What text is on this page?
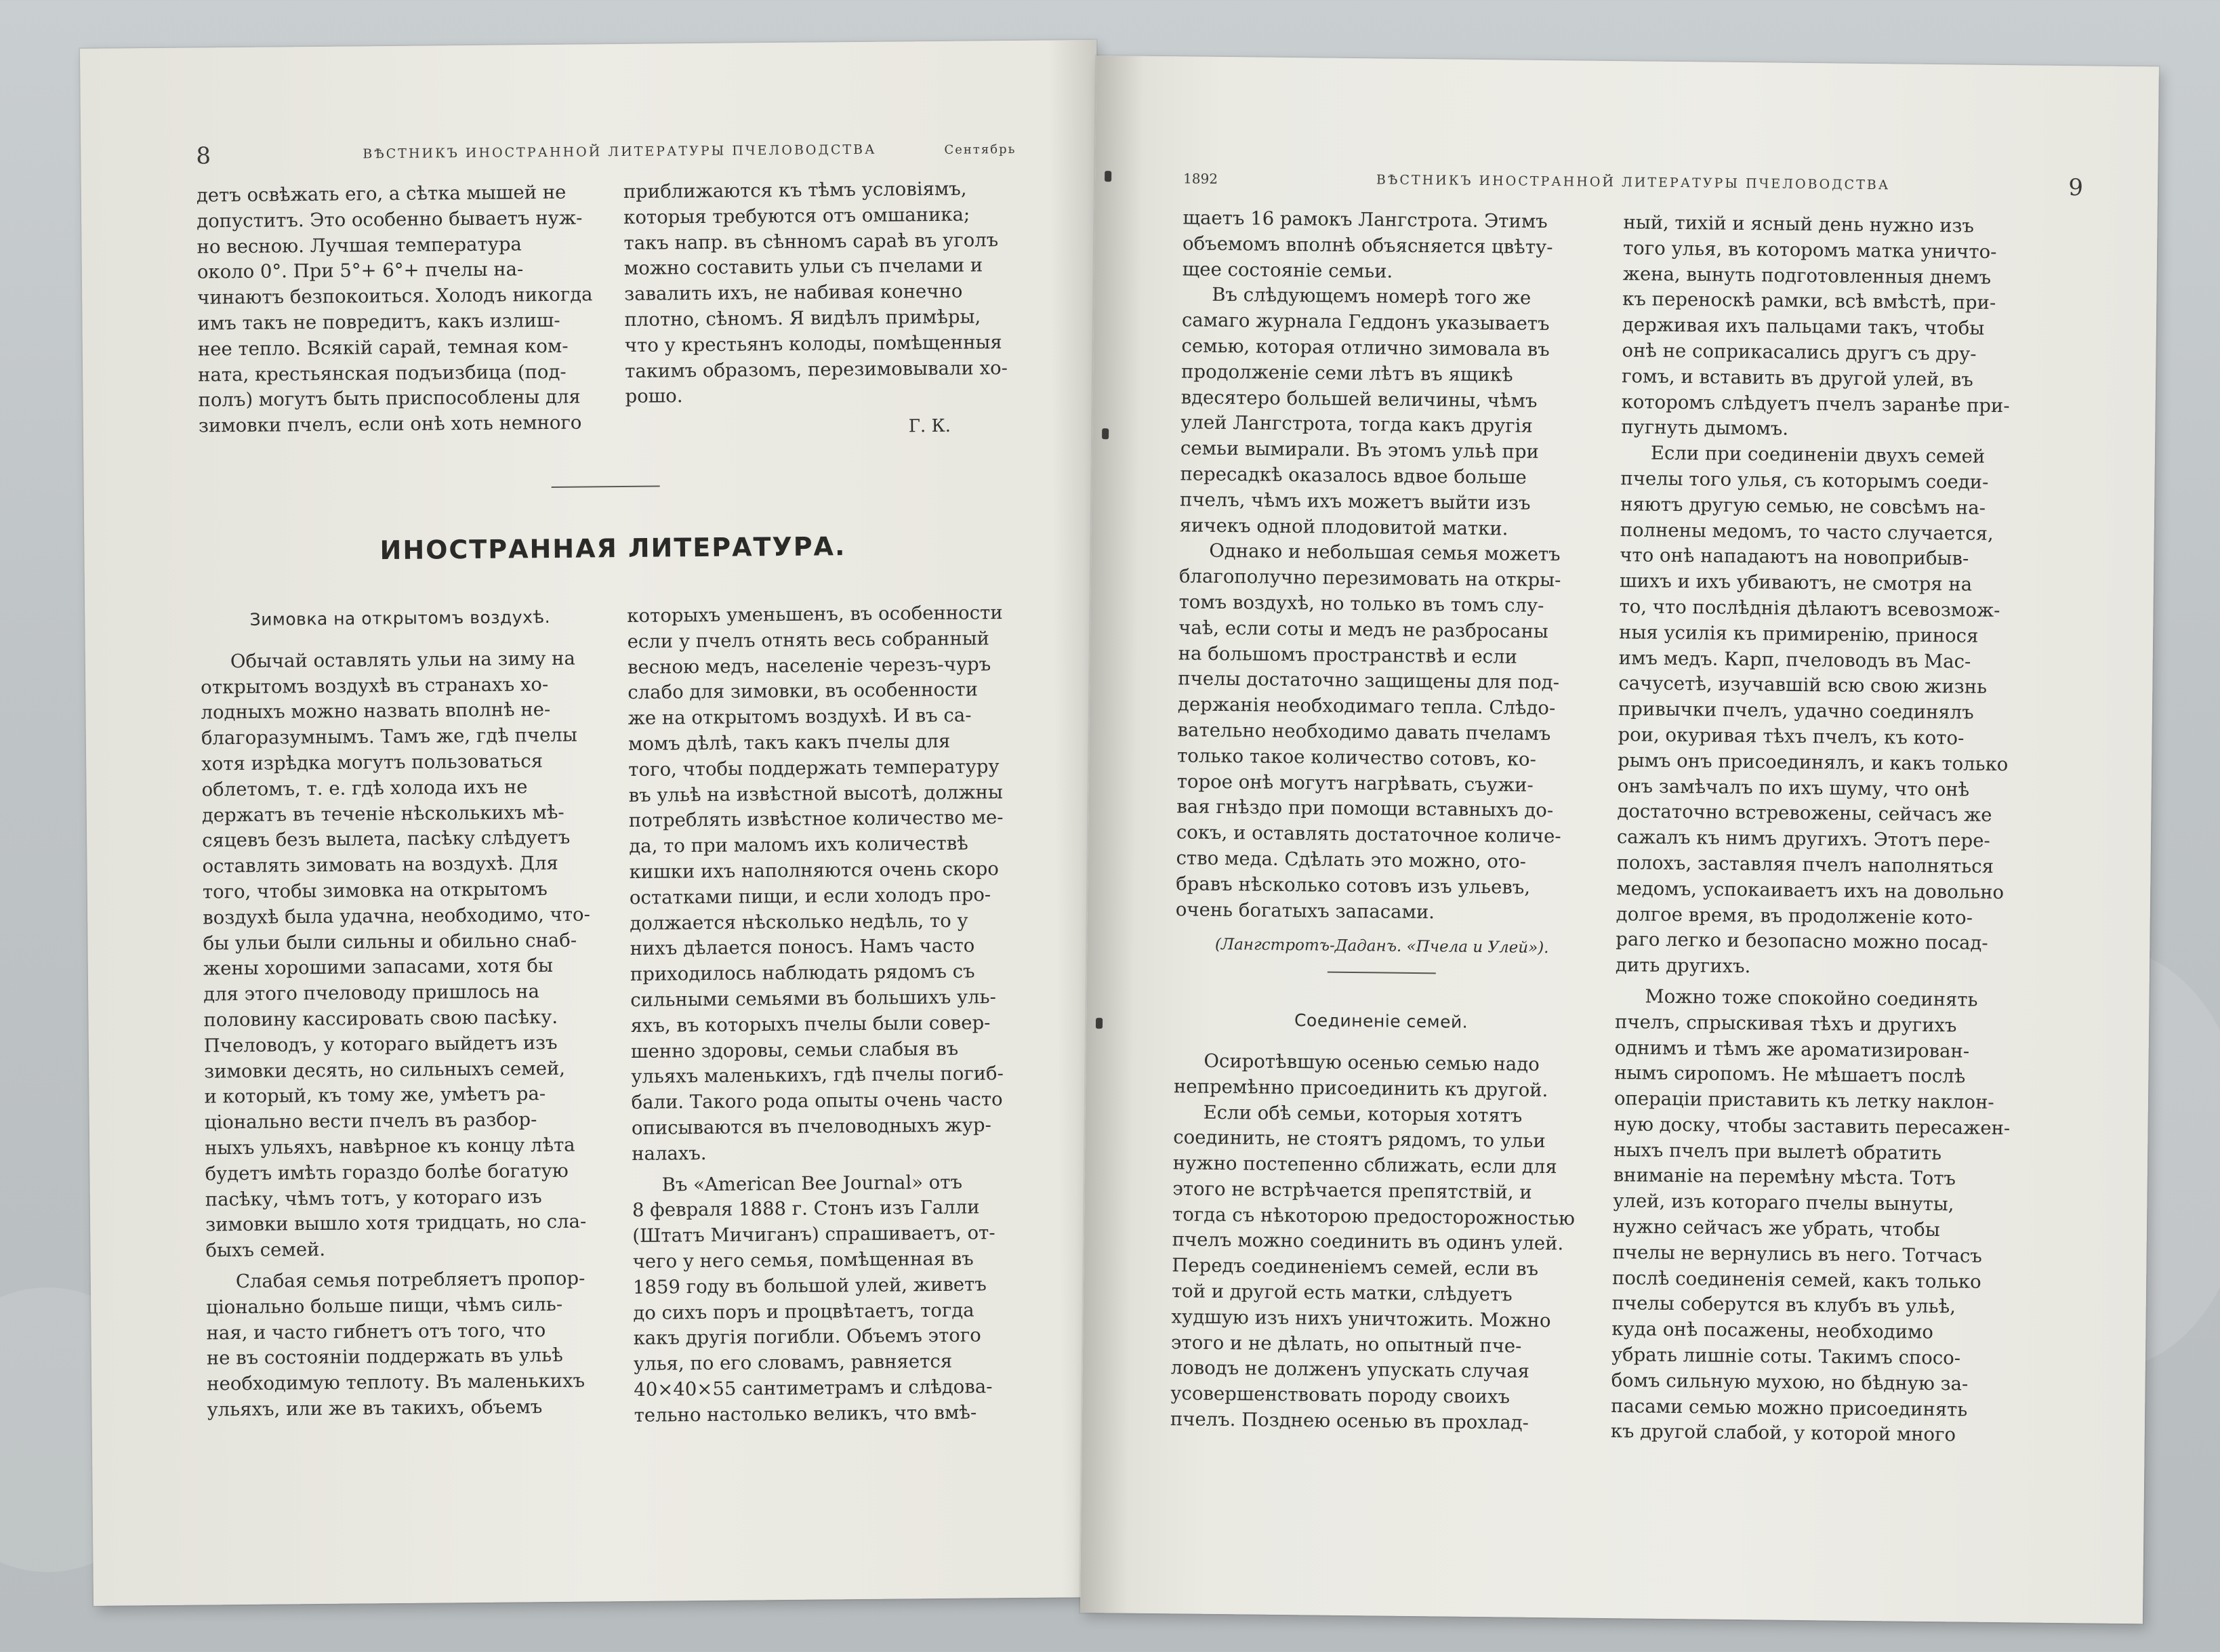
8	ВѢСТНИКЪ ИНОСТРАННОЙ ЛИТЕРАТУРЫ ПЧЕЛОВОДСТВА	Сентябрь

детъ освѣжать его, а сѣтка мышей не

допуститъ. Это особенно бываетъ нуж-

но весною. Лучшая температура

около 0°. При 5°+ 6°+ пчелы на-

чинаютъ безпокоиться. Холодъ никогда

имъ такъ не повредитъ, какъ излиш-

нее тепло. Всякій сарай, темная ком-

ната, крестьянская подъизбица (под-

полъ) могутъ быть приспособлены для

зимовки пчелъ, если онѣ хоть немного

приближаются къ тѣмъ условіямъ,

которыя требуются отъ омшаника;

такъ напр. въ сѣнномъ сараѣ въ уголъ

можно составить ульи съ пчелами и

завалить ихъ, не набивая конечно

плотно, сѣномъ. Я видѣлъ примѣры,

что у крестьянъ колоды, помѣщенныя

такимъ образомъ, перезимовывали хо-

рошо.

Г. К.

ИНОСТРАННАЯ ЛИТЕРАТУРА.

Зимовка на открытомъ воздухѣ.

Обычай оставлять ульи на зиму на

открытомъ воздухѣ въ странахъ хо-

лодныхъ можно назвать вполнѣ не-

благоразумнымъ. Тамъ же, гдѣ пчелы

хотя изрѣдка могутъ пользоваться

облетомъ, т. е. гдѣ холода ихъ не

держатъ въ теченіе нѣсколькихъ мѣ-

сяцевъ безъ вылета, пасѣку слѣдуетъ

оставлять зимовать на воздухѣ. Для

того, чтобы зимовка на открытомъ

воздухѣ была удачна, необходимо, что-

бы ульи были сильны и обильно снаб-

жены хорошими запасами, хотя бы

для этого пчеловоду пришлось на

половину кассировать свою пасѣку.

Пчеловодъ, у котораго выйдетъ изъ

зимовки десять, но сильныхъ семей,

и который, къ тому же, умѣетъ ра-

ціонально вести пчелъ въ разбор-

ныхъ ульяхъ, навѣрное къ концу лѣта

будетъ имѣть гораздо болѣе богатую

пасѣку, чѣмъ тотъ, у котораго изъ

зимовки вышло хотя тридцать, но сла-

быхъ семей.

Слабая семья потребляетъ пропор-

ціонально больше пищи, чѣмъ силь-

ная, и часто гибнетъ отъ того, что

не въ состояніи поддержать въ ульѣ

необходимую теплоту. Въ маленькихъ

ульяхъ, или же въ такихъ, объемъ

которыхъ уменьшенъ, въ особенности

если у пчелъ отнять весь собранный

весною медъ, населеніе черезъ-чуръ

слабо для зимовки, въ особенности

же на открытомъ воздухѣ. И въ са-

момъ дѣлѣ, такъ какъ пчелы для

того, чтобы поддержать температуру

въ ульѣ на извѣстной высотѣ, должны

потреблять извѣстное количество ме-

да, то при маломъ ихъ количествѣ

кишки ихъ наполняются очень скоро

остатками пищи, и если холодъ про-

должается нѣсколько недѣль, то у

нихъ дѣлается поносъ. Намъ часто

приходилось наблюдать рядомъ съ

сильными семьями въ большихъ уль-

яхъ, въ которыхъ пчелы были совер-

шенно здоровы, семьи слабыя въ

ульяхъ маленькихъ, гдѣ пчелы погиб-

бали. Такого рода опыты очень часто

описываются въ пчеловодныхъ жур-

налахъ.

Въ «American Bee Journal» отъ

8 февраля 1888 г. Стонъ изъ Галли

(Штатъ Мичиганъ) спрашиваетъ, от-

чего у него семья, помѣщенная въ

1859 году въ большой улей, живетъ

до сихъ поръ и процвѣтаетъ, тогда

какъ другія погибли. Объемъ этого

улья, по его словамъ, равняется

40×40×55 сантиметрамъ и слѣдова-

тельно настолько великъ, что вмѣ-

1892	ВѢСТНИКЪ ИНОСТРАННОЙ ЛИТЕРАТУРЫ ПЧЕЛОВОДСТВА	9

щаетъ 16 рамокъ Лангстрота. Этимъ

объемомъ вполнѣ объясняется цвѣту-

щее состояніе семьи.

Въ слѣдующемъ номерѣ того же

самаго журнала Геддонъ указываетъ

семью, которая отлично зимовала въ

продолженіе семи лѣтъ въ ящикѣ

вдесятеро большей величины, чѣмъ

улей Лангстрота, тогда какъ другія

семьи вымирали. Въ этомъ ульѣ при

пересадкѣ оказалось вдвое больше

пчелъ, чѣмъ ихъ можетъ выйти изъ

яичекъ одной плодовитой матки.

Однако и небольшая семья можетъ

благополучно перезимовать на откры-

томъ воздухѣ, но только въ томъ слу-

чаѣ, если соты и медъ не разбросаны

на большомъ пространствѣ и если

пчелы достаточно защищены для под-

держанія необходимаго тепла. Слѣдо-

вательно необходимо давать пчеламъ

только такое количество сотовъ, ко-

торое онѣ могутъ нагрѣвать, съужи-

вая гнѣздо при помощи вставныхъ до-

сокъ, и оставлять достаточное количе-

ство меда. Сдѣлать это можно, ото-

бравъ нѣсколько сотовъ изъ ульевъ,

очень богатыхъ запасами.

(Лангстротъ-Даданъ. «Пчела и Улей»).

Соединеніе семей.

Осиротѣвшую осенью семью надо

непремѣнно присоединить къ другой.

Если обѣ семьи, которыя хотятъ

соединить, не стоятъ рядомъ, то ульи

нужно постепенно сближать, если для

этого не встрѣчается препятствій, и

тогда съ нѣкоторою предосторожностью

пчелъ можно соединить въ одинъ улей.

Передъ соединеніемъ семей, если въ

той и другой есть матки, слѣдуетъ

худшую изъ нихъ уничтожить. Можно

этого и не дѣлать, но опытный пче-

ловодъ не долженъ упускать случая

усовершенствовать породу своихъ

пчелъ. Позднею осенью въ прохлад-

ный, тихій и ясный день нужно изъ

того улья, въ которомъ матка уничто-

жена, вынуть подготовленныя днемъ

къ переноскѣ рамки, всѣ вмѣстѣ, при-

держивая ихъ пальцами такъ, чтобы

онѣ не соприкасались другъ съ дру-

гомъ, и вставить въ другой улей, въ

которомъ слѣдуетъ пчелъ заранѣе при-

пугнуть дымомъ.

Если при соединеніи двухъ семей

пчелы того улья, съ которымъ соеди-

няютъ другую семью, не совсѣмъ на-

полнены медомъ, то часто случается,

что онѣ нападаютъ на новоприбыв-

шихъ и ихъ убиваютъ, не смотря на

то, что послѣднія дѣлаютъ всевозмож-

ныя усилія къ примиренію, принося

имъ медъ. Карп, пчеловодъ въ Мас-

сачусетѣ, изучавшій всю свою жизнь

привычки пчелъ, удачно соединялъ

рои, окуривая тѣхъ пчелъ, къ кото-

рымъ онъ присоединялъ, и какъ только

онъ замѣчалъ по ихъ шуму, что онѣ

достаточно встревожены, сейчасъ же

сажалъ къ нимъ другихъ. Этотъ пере-

полохъ, заставляя пчелъ наполняться

медомъ, успокаиваетъ ихъ на довольно

долгое время, въ продолженіе кото-

раго легко и безопасно можно посад-

дить другихъ.

Можно тоже спокойно соединять

пчелъ, спрыскивая тѣхъ и другихъ

однимъ и тѣмъ же ароматизирован-

нымъ сиропомъ. Не мѣшаетъ послѣ

операціи приставить къ летку наклон-

ную доску, чтобы заставить пересажен-

ныхъ пчелъ при вылетѣ обратить

вниманіе на перемѣну мѣста. Тотъ

улей, изъ котораго пчелы вынуты,

нужно сейчасъ же убрать, чтобы

пчелы не вернулись въ него. Тотчасъ

послѣ соединенія семей, какъ только

пчелы соберутся въ клубъ въ ульѣ,

куда онѣ посажены, необходимо

убрать лишніе соты. Такимъ спосо-

бомъ сильную мухою, но бѣдную за-

пасами семью можно присоединять

къ другой слабой, у которой много
